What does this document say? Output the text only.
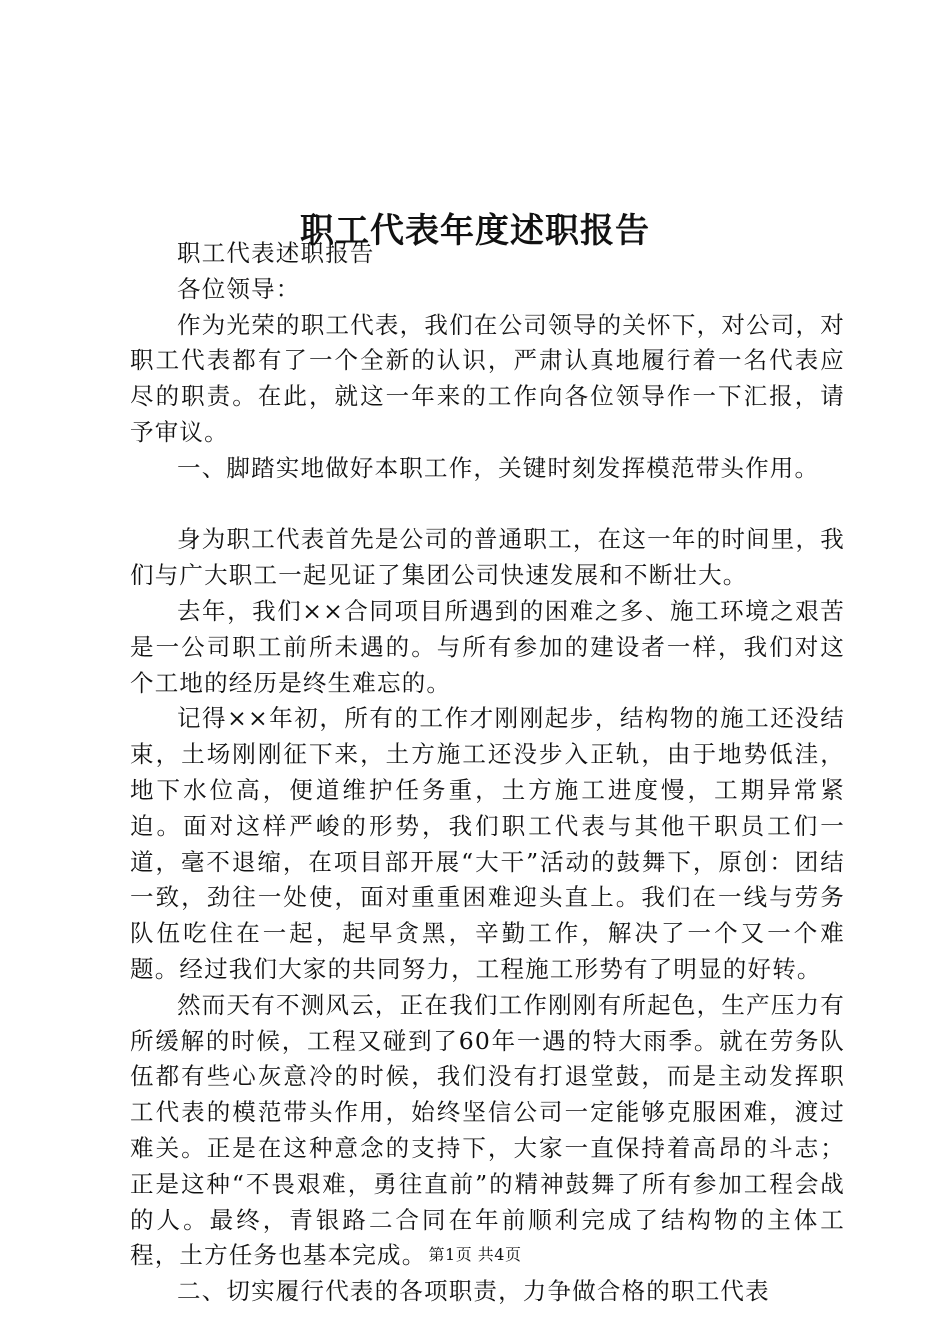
职工代表年度述职报告

职工代表述职报告

各位领导：

作为光荣的职工代表，我们在公司领导的关怀下，对公司，对职工代表都有了一个全新的认识，严肃认真地履行着一名代表应尽的职责。在此，就这一年来的工作向各位领导作一下汇报，请予审议。

一、脚踏实地做好本职工作，关键时刻发挥模范带头作用。

身为职工代表首先是公司的普通职工，在这一年的时间里，我们与广大职工一起见证了集团公司快速发展和不断壮大。

去年，我们××合同项目所遇到的困难之多、施工环境之艰苦是一公司职工前所未遇的。与所有参加的建设者一样，我们对这个工地的经历是终生难忘的。

记得××年初，所有的工作才刚刚起步，结构物的施工还没结束，土场刚刚征下来，土方施工还没步入正轨，由于地势低洼，地下水位高，便道维护任务重，土方施工进度慢，工期异常紧迫。面对这样严峻的形势，我们职工代表与其他干职员工们一道，毫不退缩，在项目部开展“大干”活动的鼓舞下，原创：团结一致，劲往一处使，面对重重困难迎头直上。我们在一线与劳务队伍吃住在一起，起早贪黑，辛勤工作，解决了一个又一个难题。经过我们大家的共同努力，工程施工形势有了明显的好转。

然而天有不测风云，正在我们工作刚刚有所起色，生产压力有所缓解的时候，工程又碰到了60年一遇的特大雨季。就在劳务队伍都有些心灰意冷的时候，我们没有打退堂鼓，而是主动发挥职工代表的模范带头作用，始终坚信公司一定能够克服困难，渡过难关。正是在这种意念的支持下，大家一直保持着高昂的斗志；正是这种“不畏艰难，勇往直前”的精神鼓舞了所有参加工程会战的人。最终，青银路二合同在年前顺利完成了结构物的主体工程，土方任务也基本完成。

二、切实履行代表的各项职责，力争做合格的职工代表

第1页 共4页
